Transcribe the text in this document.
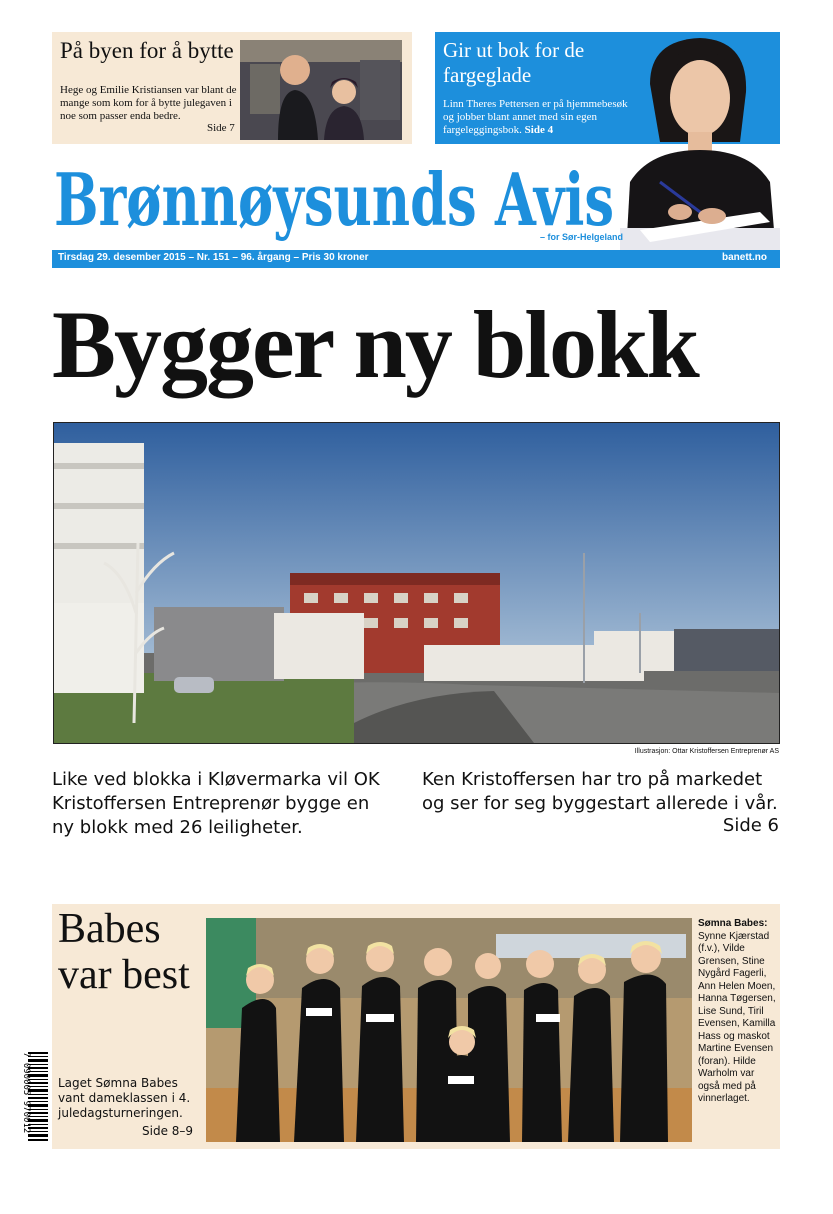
På byen for å bytte
Hege og Emilie Kristiansen var blant de mange som kom for å bytte julegaven i noe som passer enda bedre.
Side 7
Gir ut bok for de fargeglade
Linn Theres Pettersen er på hjemmebesøk og jobber blant annet med sin egen fargeleggingsbok. Side 4
Brønnøysunds Avis
– for Sør-Helgeland
Tirsdag 29. desember 2015 – Nr. 151 – 96. årgang – Pris 30 kroner	banett.no
Bygger ny blokk
Illustrasjon: Ottar Kristoffersen Entreprenør AS
Like ved blokka i Kløvermarka vil OK Kristoffersen Entreprenør bygge en ny blokk med 26 leiligheter.
Ken Kristoffersen har tro på markedet og ser for seg byggestart allerede i vår.
Side 6
Babes var best
Laget Sømna Babes vant dameklassen i 4. juledagsturneringen.
Side 8–9
Sømna Babes: Synne Kjærstad (f.v.), Vilde Grensen, Stine Nygård Fagerli, Ann Helen Moen, Hanna Tøgersen, Lise Sund, Tiril Evensen, Kamilla Hass og maskot Martine Evensen (foran). Hilde Warholm var også med på vinnerlaget.
7 090005 970012
